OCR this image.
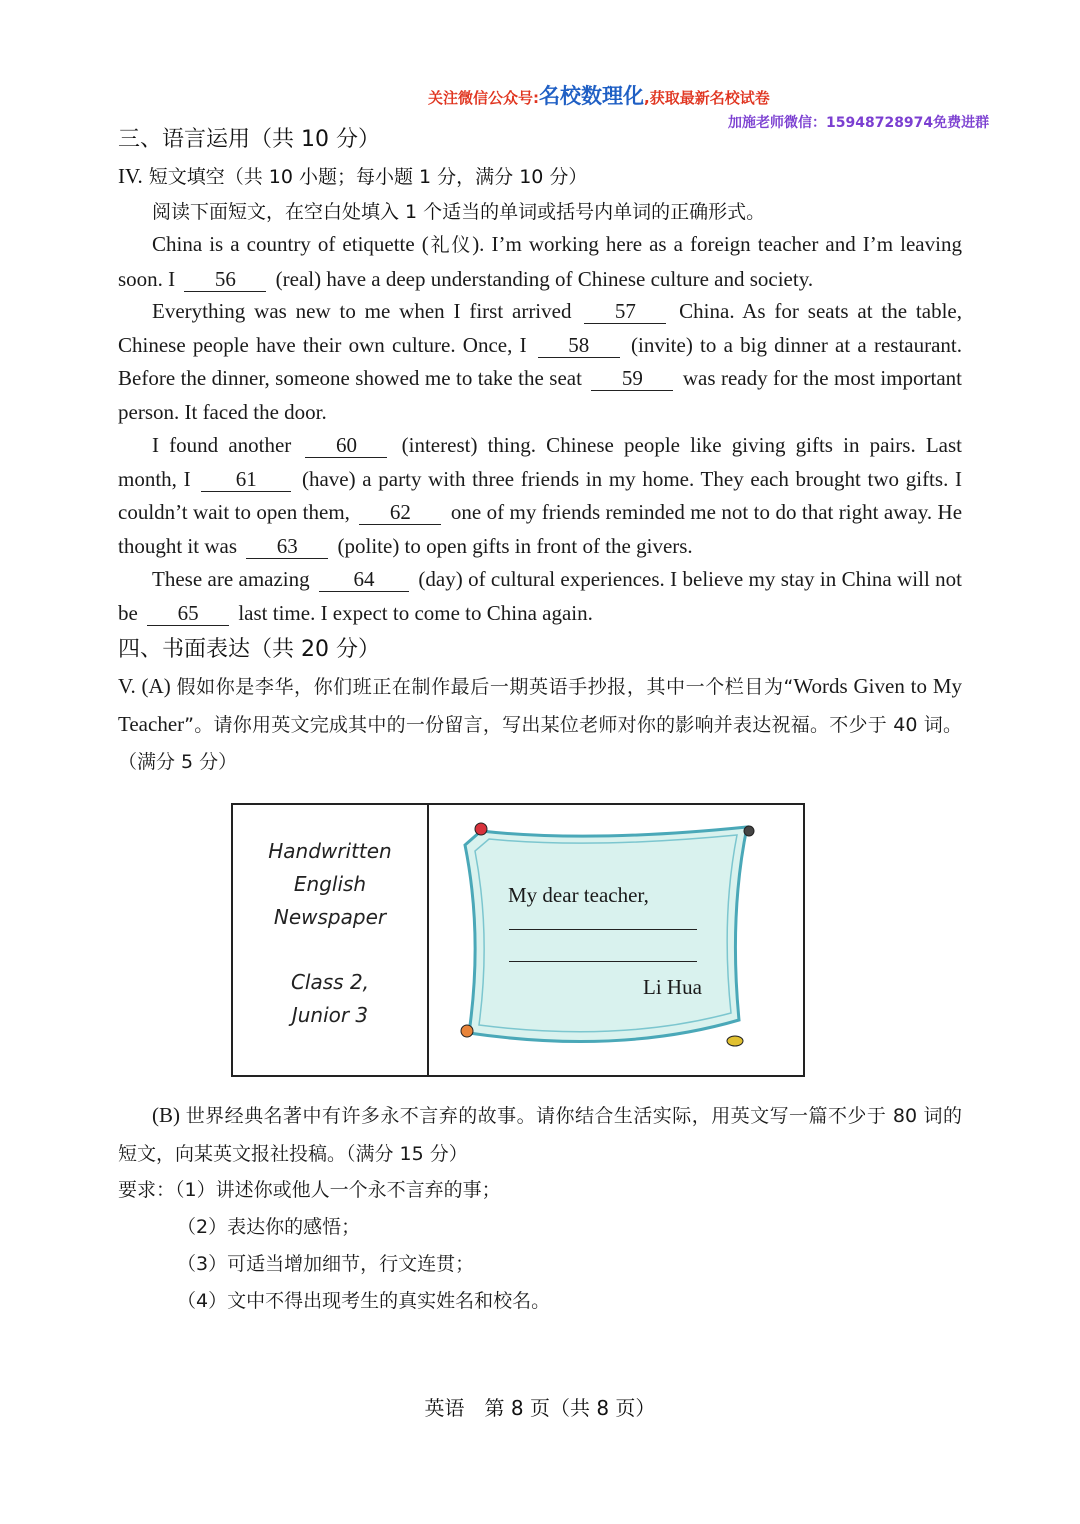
关注微信公众号:名校数理化,获取最新名校试卷
加施老师微信：15948728974免费进群
三、语言运用（共 10 分）
IV. 短文填空（共 10 小题；每小题 1 分，满分 10 分）
阅读下面短文，在空白处填入 1 个适当的单词或括号内单词的正确形式。
China is a country of etiquette (礼仪). I’m working here as a foreign teacher and I’m leaving soon. I 56 (real) have a deep understanding of Chinese culture and society.
Everything was new to me when I first arrived 57 China. As for seats at the table, Chinese people have their own culture. Once, I 58 (invite) to a big dinner at a restaurant. Before the dinner, someone showed me to take the seat 59 was ready for the most important person. It faced the door.
I found another 60 (interest) thing. Chinese people like giving gifts in pairs. Last month, I 61 (have) a party with three friends in my home. They each brought two gifts. I couldn’t wait to open them, 62 one of my friends reminded me not to do that right away. He thought it was 63 (polite) to open gifts in front of the givers.
These are amazing 64 (day) of cultural experiences. I believe my stay in China will not be 65 last time. I expect to come to China again.
四、书面表达（共 20 分）
V. (A) 假如你是李华，你们班正在制作最后一期英语手抄报，其中一个栏目为“Words Given to My Teacher”。请你用英文完成其中的一份留言，写出某位老师对你的影响并表达祝福。不少于 40 词。（满分 5 分）
Handwritten
English
Newspaper
Class 2,
Junior 3
My dear teacher,
Li Hua
(B) 世界经典名著中有许多永不言弃的故事。请你结合生活实际，用英文写一篇不少于 80 词的短文，向某英文报社投稿。（满分 15 分）
要求：（1）讲述你或他人一个永不言弃的事；
（2）表达你的感悟；
（3）可适当增加细节，行文连贯；
（4）文中不得出现考生的真实姓名和校名。
英语　第 8 页（共 8 页）
